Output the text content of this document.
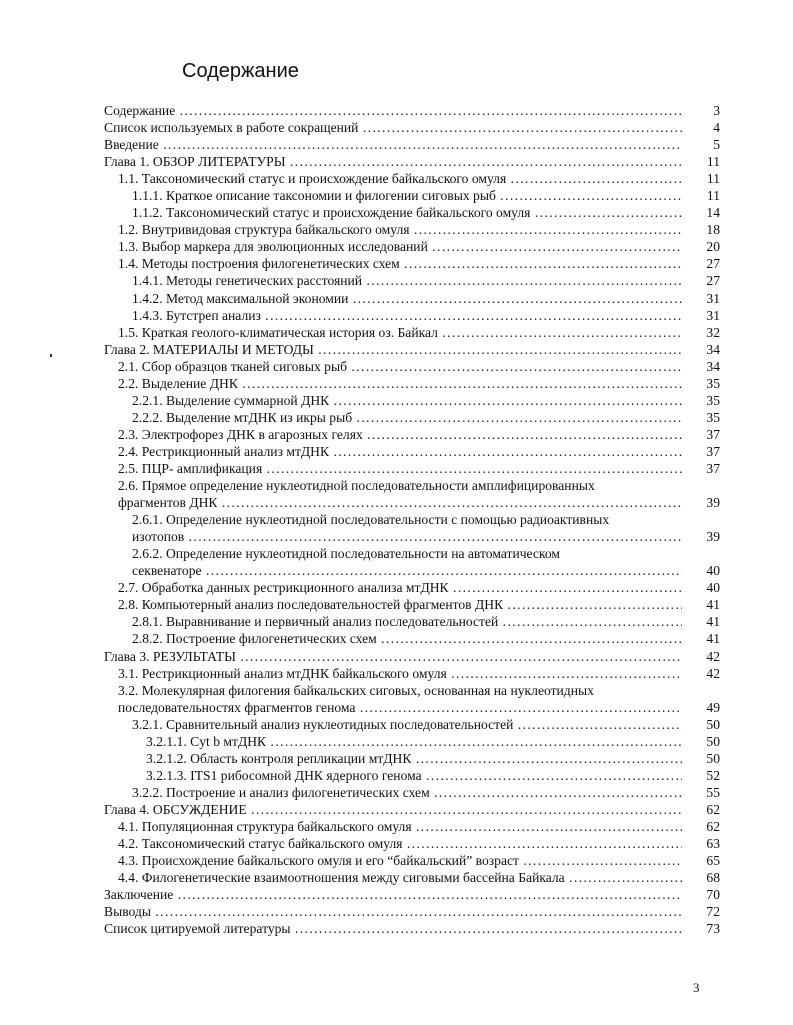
Содержание
Содержание . . .	3
Список используемых в работе сокращений . . .	4
Введение . . .	5
Глава 1. ОБЗОР ЛИТЕРАТУРЫ . . .	11
1.1. Таксономический статус и происхождение байкальского омуля . . .	11
1.1.1. Краткое описание таксономии и филогении сиговых рыб . . .	11
1.1.2. Таксономический статус и происхождение байкальского омуля . . .	14
1.2. Внутривидовая структура байкальского омуля . . .	18
1.3. Выбор маркера для эволюционных исследований . . .	20
1.4. Методы построения филогенетических схем . . .	27
1.4.1. Методы генетических расстояний . . .	27
1.4.2. Метод максимальной экономии . . .	31
1.4.3. Бутстреп анализ . . .	31
1.5. Краткая геолого-климатическая история оз. Байкал . . .	32
Глава 2. МАТЕРИАЛЫ И МЕТОДЫ . . .	34
2.1. Сбор образцов тканей сиговых рыб . . .	34
2.2. Выделение ДНК . . .	35
2.2.1. Выделение суммарной ДНК . . .	35
2.2.2. Выделение мтДНК из икры рыб . . .	35
2.3. Электрофорез ДНК в агарозных гелях . . .	37
2.4. Рестрикционный анализ мтДНК . . .	37
2.5. ПЦР- амплификация . . .	37
2.6. Прямое определение нуклеотидной последовательности амплифицированных
фрагментов ДНК . . .	39
2.6.1. Определение нуклеотидной последовательности с помощью радиоактивных
изотопов . . .	39
2.6.2. Определение нуклеотидной последовательности на автоматическом
секвенаторе . . .	40
2.7. Обработка данных рестрикционного анализа мтДНК . . .	40
2.8. Компьютерный анализ последовательностей фрагментов ДНК . . .	41
2.8.1. Выравнивание и первичный анализ последовательностей . . .	41
2.8.2. Построение филогенетических схем . . .	41
Глава 3. РЕЗУЛЬТАТЫ . . .	42
3.1. Рестрикционный анализ мтДНК байкальского омуля . . .	42
3.2. Молекулярная филогения байкальских сиговых, основанная на нуклеотидных
последовательностях фрагментов генома . . .	49
3.2.1. Сравнительный анализ нуклеотидных последовательностей . . .	50
3.2.1.1. Cyt b мтДНК . . .	50
3.2.1.2. Область контроля репликации мтДНК . . .	50
3.2.1.3. ITS1 рибосомной ДНК ядерного генома . . .	52
3.2.2. Построение и анализ филогенетических схем . . .	55
Глава 4. ОБСУЖДЕНИЕ . . .	62
4.1. Популяционная структура байкальского омуля . . .	62
4.2. Таксономический статус байкальского омуля . . .	63
4.3. Происхождение байкальского омуля и его “байкальский” возраст . . .	65
4.4. Филогенетические взаимоотношения между сиговыми бассейна Байкала . . .	68
Заключение . . .	70
Выводы . . .	72
Список цитируемой литературы . . .	73
3
